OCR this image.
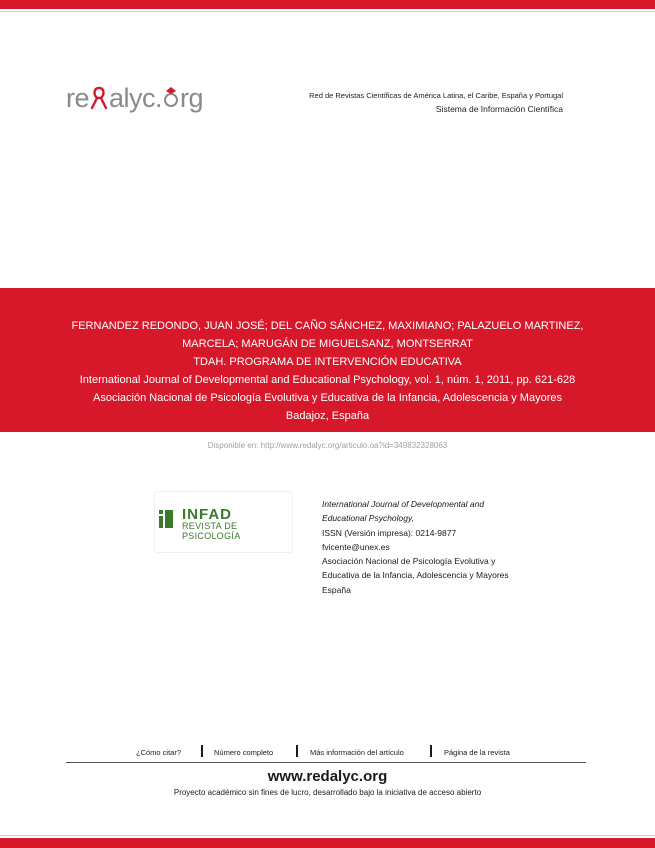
re alyc. rg	Red de Revistas Científicas de América Latina, el Caribe, España y Portugal
Sistema de Información Científica
FERNANDEZ REDONDO, JUAN JOSÉ; DEL CAÑO SÁNCHEZ, MAXIMIANO; PALAZUELO MARTINEZ,
MARCELA; MARUGÁN DE MIGUELSANZ, MONTSERRAT
TDAH. PROGRAMA DE INTERVENCIÓN EDUCATIVA
International Journal of Developmental and Educational Psychology, vol. 1, núm. 1, 2011, pp. 621-628
Asociación Nacional de Psicología Evolutiva y Educativa de la Infancia, Adolescencia y Mayores
Badajoz, España
Disponible en: http://www.redalyc.org/articulo.oa?id=349832328063
INFAD
REVISTA DE PSICOLOGÍA
International Journal of Developmental and
Educational Psychology,
ISSN (Versión impresa): 0214-9877
fvicente@unex.es
Asociación Nacional de Psicología Evolutiva y
Educativa de la Infancia, Adolescencia y Mayores
España
¿Cómo citar?	Número completo	Más información del artículo	Página de la revista
www.redalyc.org
Proyecto académico sin fines de lucro, desarrollado bajo la iniciativa de acceso abierto
